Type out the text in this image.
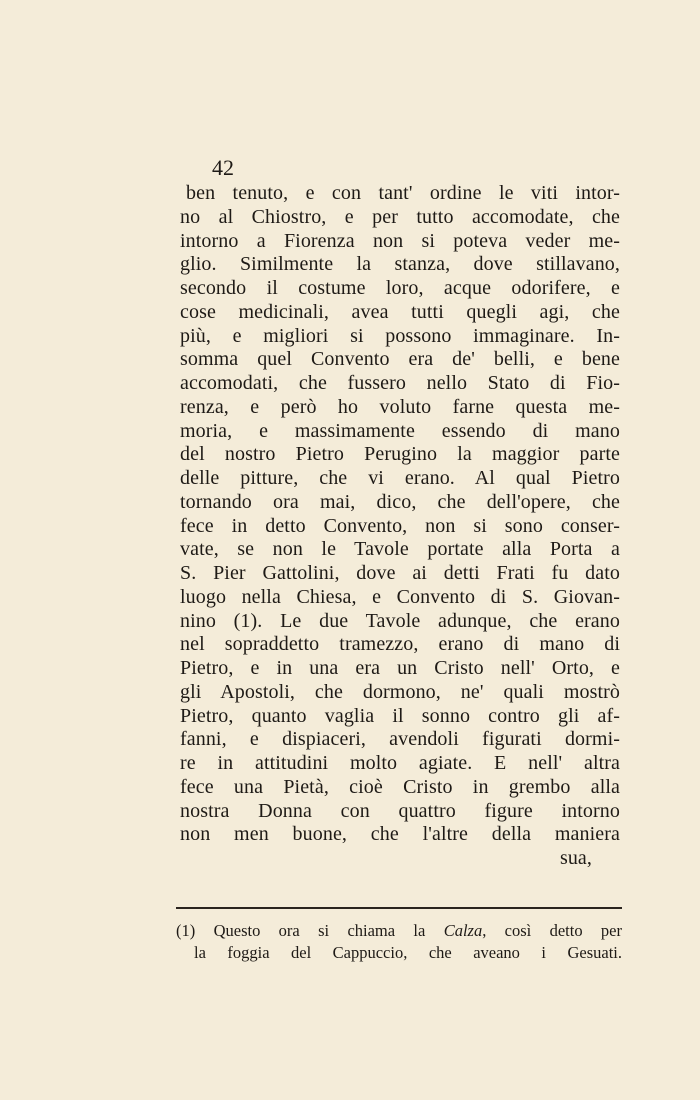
42
ben tenuto, e con tant' ordine le viti intor-
no al Chiostro, e per tutto accomodate, che
intorno a Fiorenza non si poteva veder me-
glio. Similmente la stanza, dove stillavano,
secondo il costume loro, acque odorifere, e
cose medicinali, avea tutti quegli agi, che
più, e migliori si possono immaginare. In-
somma quel Convento era de' belli, e bene
accomodati, che fussero nello Stato di Fio-
renza, e però ho voluto farne questa me-
moria, e massimamente essendo di mano
del nostro Pietro Perugino la maggior parte
delle pitture, che vi erano. Al qual Pietro
tornando ora mai, dico, che dell'opere, che
fece in detto Convento, non si sono conser-
vate, se non le Tavole portate alla Porta a
S. Pier Gattolini, dove ai detti Frati fu dato
luogo nella Chiesa, e Convento di S. Giovan-
nino (1). Le due Tavole adunque, che erano
nel sopraddetto tramezzo, erano di mano di
Pietro, e in una era un Cristo nell' Orto, e
gli Apostoli, che dormono, ne' quali mostrò
Pietro, quanto vaglia il sonno contro gli af-
fanni, e dispiaceri, avendoli figurati dormi-
re in attitudini molto agiate. E nell' altra
fece una Pietà, cioè Cristo in grembo alla
nostra Donna con quattro figure intorno
non men buone, che l'altre della maniera
sua,
(1) Questo ora si chiama la Calza, così detto per
la foggia del Cappuccio, che aveano i Gesuati.
